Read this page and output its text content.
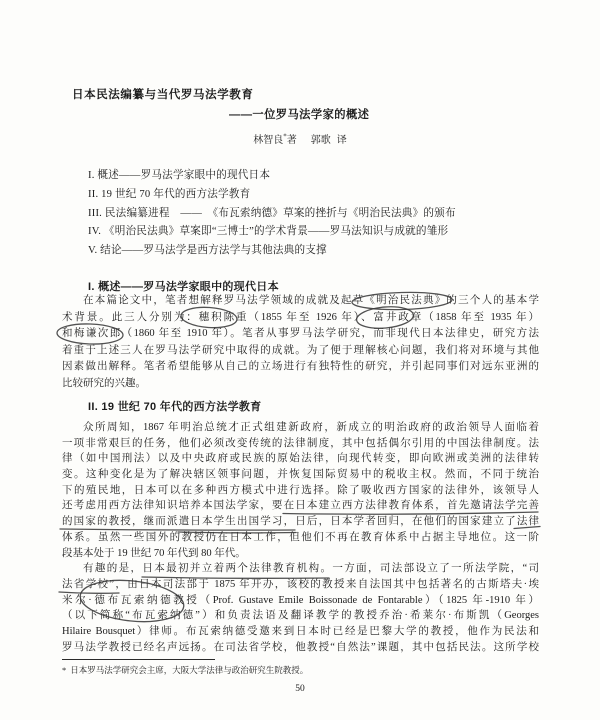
日本民法编纂与当代罗马法学教育
——一位罗马法学家的概述
林智良*著 郭歌 译
I. 概述——罗马法学家眼中的现代日本
II. 19 世纪 70 年代的西方法学教育
III. 民法编纂进程　——　《布瓦索纳德》草案的挫折与《明治民法典》的颁布
IV. 《明治民法典》草案即“三博士”的学术背景——罗马法知识与成就的雏形
V. 结论——罗马法学是西方法学与其他法典的支撑
I. 概述——罗马法学家眼中的现代日本
在本篇论文中，笔者想解释罗马法学领域的成就及起草《明治民法典》的三个人的基本学
术背景。此三人分别为：穗积陈重（1855 年至 1926 年）、富井政章（1858 年至 1935 年）
和梅谦次郎（1860 年至 1910 年）。笔者从事罗马法学研究，而非现代日本法律史，研究方法
着重于上述三人在罗马法学研究中取得的成就。为了便于理解核心问题，我们将对环境与其他
因素做出解释。笔者希望能够从自己的立场进行有独特性的研究，并引起同事们对远东亚洲的
比较研究的兴趣。
II. 19 世纪 70 年代的西方法学教育
众所周知，1867 年明治总统才正式组建新政府，新成立的明治政府的政治领导人面临着
一项非常艰巨的任务，他们必须改变传统的法律制度，其中包括偶尔引用的中国法律制度。法
律（如中国刑法）以及中央政府或民族的原始法律，向现代转变，即向欧洲或美洲的法律转
变。这种变化是为了解决辖区领事问题，并恢复国际贸易中的税收主权。然而，不同于统治
下的殖民地，日本可以在多种西方模式中进行选择。除了吸收西方国家的法律外，该领导人
还考虑用西方法律知识培养本国法学家，要在日本建立西方法律教育体系，首先邀请法学完善
的国家的教授，继而派遣日本学生出国学习，日后，日本学者回归，在他们的国家建立了法律
体系。虽然一些国外的教授仍在日本工作，但他们不再在教育体系中占据主导地位。这一阶
段基本处于 19 世纪 70 年代到 80 年代。
有趣的是，日本最初并立着两个法律教育机构。一方面，司法部设立了一所法学院，“司
法省学校”，由日本司法部于 1875 年开办，该校的教授来自法国其中包括著名的古斯塔夫·埃
米尔·德布瓦索纳德教授（Prof. Gustave Emile Boissonade de Fontarable）（1825 年-1910 年）
（以下简称“布瓦索纳德”）和负责法语及翻译教学的教授乔治·希莱尔·布斯凯（Georges
Hilaire Bousquet）律师。布瓦索纳德受邀来到日本时已经是巴黎大学的教授，他作为民法和
罗马法学教授已经名声远扬。在司法省学校，他教授“自然法”课题，其中包括民法。这所学校
* 日本罗马法学研究会主席，大阪大学法律与政治研究生院教授。
50
